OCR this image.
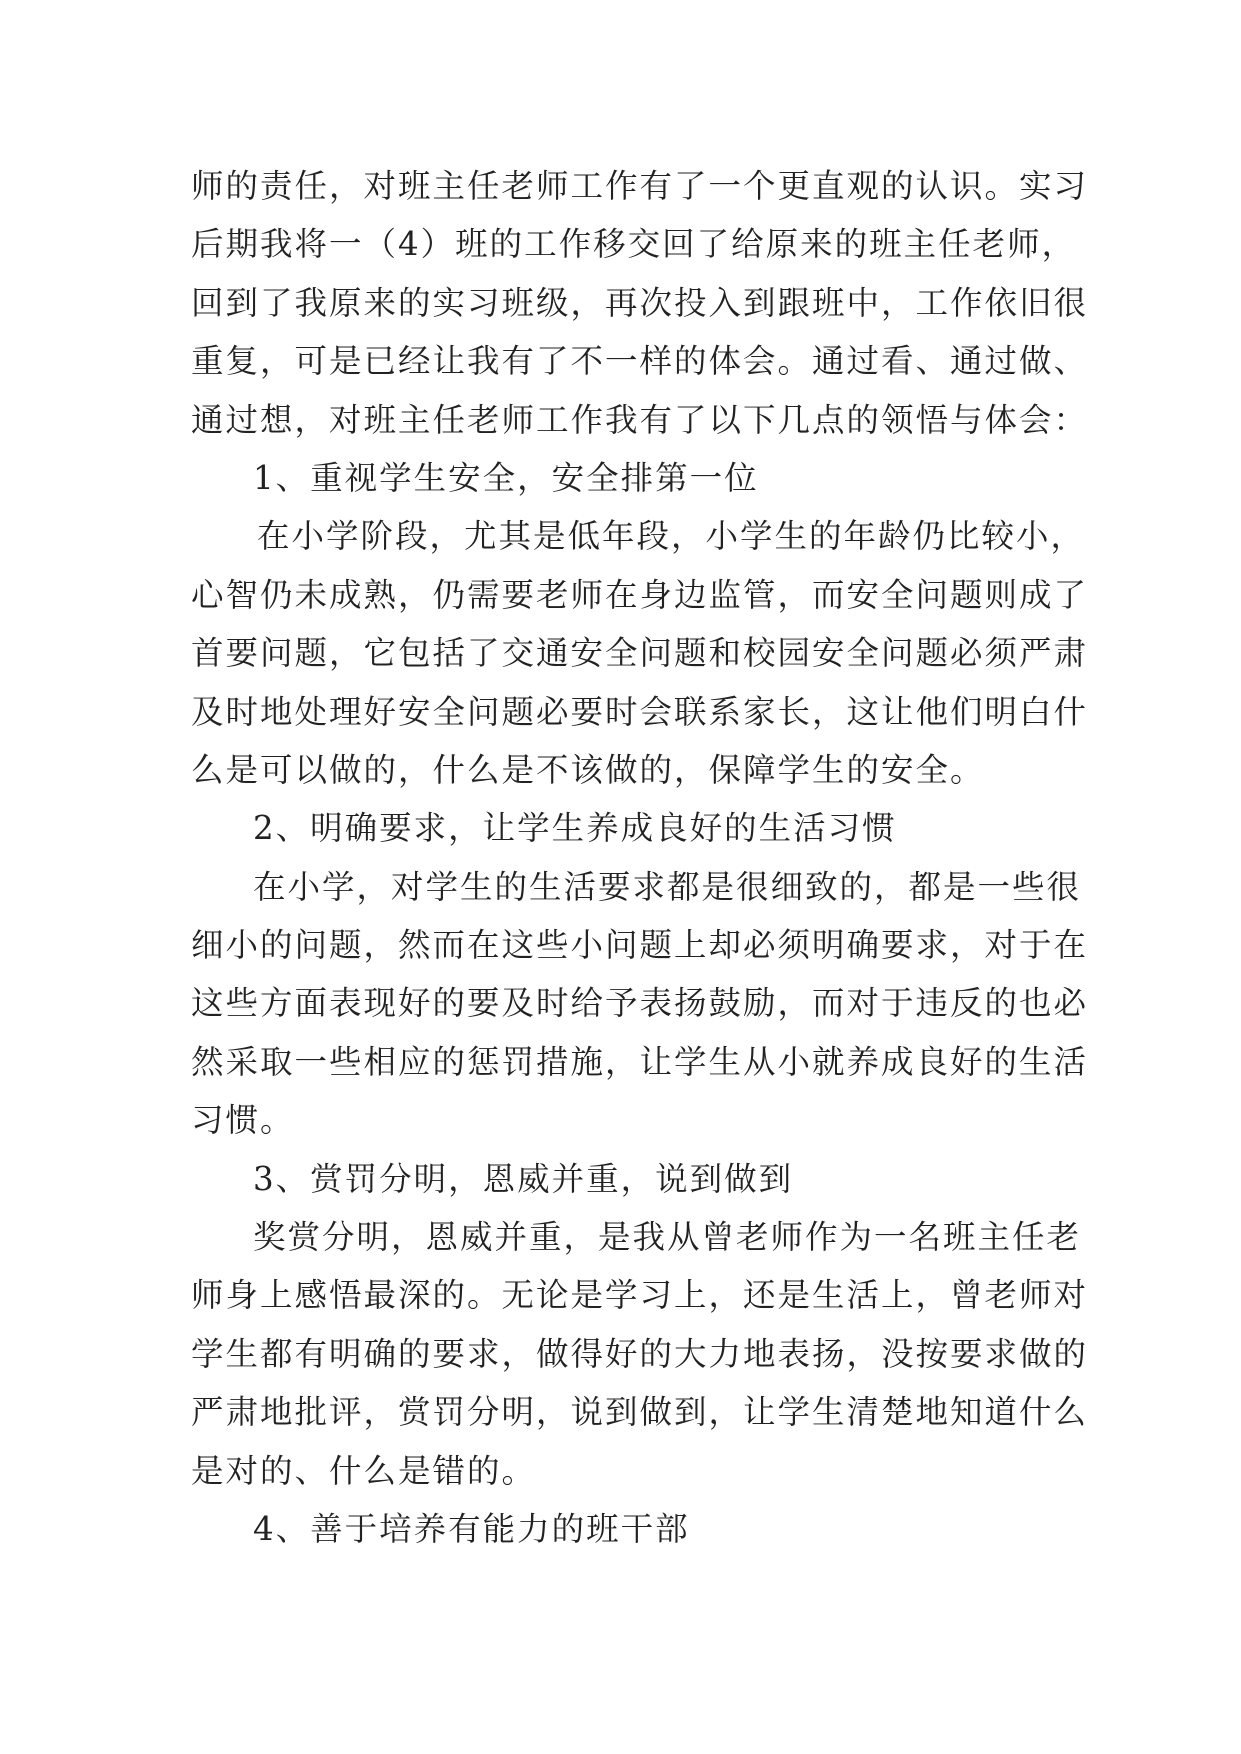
师的责任，对班主任老师工作有了一个更直观的认识。实习
后期我将一（4）班的工作移交回了给原来的班主任老师，
回到了我原来的实习班级，再次投入到跟班中，工作依旧很
重复，可是已经让我有了不一样的体会。通过看、通过做、
通过想，对班主任老师工作我有了以下几点的领悟与体会：
1、重视学生安全，安全排第一位
在小学阶段，尤其是低年段，小学生的年龄仍比较小，
心智仍未成熟，仍需要老师在身边监管，而安全问题则成了
首要问题，它包括了交通安全问题和校园安全问题必须严肃
及时地处理好安全问题必要时会联系家长，这让他们明白什
么是可以做的，什么是不该做的，保障学生的安全。
2、明确要求，让学生养成良好的生活习惯
在小学，对学生的生活要求都是很细致的，都是一些很
细小的问题，然而在这些小问题上却必须明确要求，对于在
这些方面表现好的要及时给予表扬鼓励，而对于违反的也必
然采取一些相应的惩罚措施，让学生从小就养成良好的生活
习惯。
3、赏罚分明，恩威并重，说到做到
奖赏分明，恩威并重，是我从曾老师作为一名班主任老
师身上感悟最深的。无论是学习上，还是生活上，曾老师对
学生都有明确的要求，做得好的大力地表扬，没按要求做的
严肃地批评，赏罚分明，说到做到，让学生清楚地知道什么
是对的、什么是错的。
4、善于培养有能力的班干部
